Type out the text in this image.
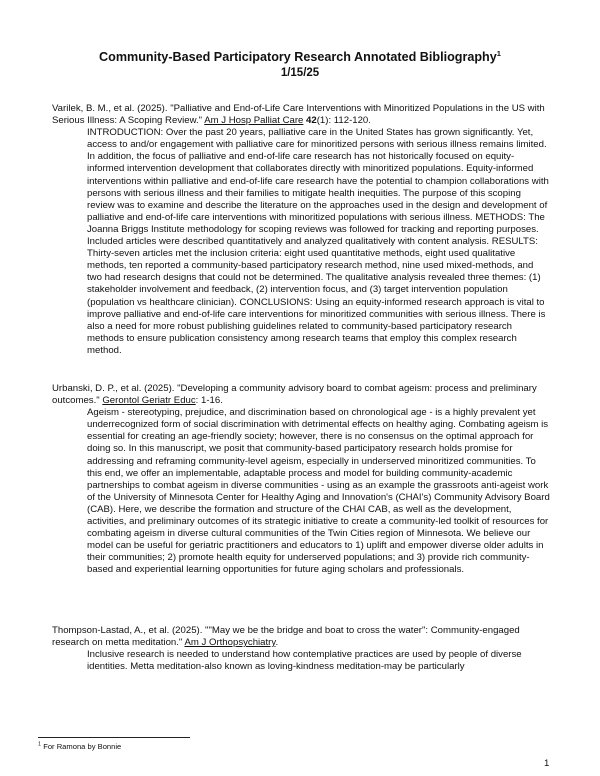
Community-Based Participatory Research Annotated Bibliography$^1$
1/15/25
Varilek, B. M., et al. (2025). "Palliative and End-of-Life Care Interventions with Minoritized Populations in the US with Serious Illness: A Scoping Review." Am J Hosp Palliat Care 42(1): 112-120.
INTRODUCTION: Over the past 20 years, palliative care in the United States has grown significantly. Yet, access to and/or engagement with palliative care for minoritized persons with serious illness remains limited. In addition, the focus of palliative and end-of-life care research has not historically focused on equity-informed intervention development that collaborates directly with minoritized populations. Equity-informed interventions within palliative and end-of-life care research have the potential to champion collaborations with persons with serious illness and their families to mitigate health inequities. The purpose of this scoping review was to examine and describe the literature on the approaches used in the design and development of palliative and end-of-life care interventions with minoritized populations with serious illness. METHODS: The Joanna Briggs Institute methodology for scoping reviews was followed for tracking and reporting purposes. Included articles were described quantitatively and analyzed qualitatively with content analysis. RESULTS: Thirty-seven articles met the inclusion criteria: eight used quantitative methods, eight used qualitative methods, ten reported a community-based participatory research method, nine used mixed-methods, and two had research designs that could not be determined. The qualitative analysis revealed three themes: (1) stakeholder involvement and feedback, (2) intervention focus, and (3) target intervention population (population vs healthcare clinician). CONCLUSIONS: Using an equity-informed research approach is vital to improve palliative and end-of-life care interventions for minoritized communities with serious illness. There is also a need for more robust publishing guidelines related to community-based participatory research methods to ensure publication consistency among research teams that employ this complex research method.
Urbanski, D. P., et al. (2025). "Developing a community advisory board to combat ageism: process and preliminary outcomes." Gerontol Geriatr Educ: 1-16.
Ageism - stereotyping, prejudice, and discrimination based on chronological age - is a highly prevalent yet underrecognized form of social discrimination with detrimental effects on healthy aging. Combating ageism is essential for creating an age-friendly society; however, there is no consensus on the optimal approach for doing so. In this manuscript, we posit that community-based participatory research holds promise for addressing and reframing community-level ageism, especially in underserved minoritized communities. To this end, we offer an implementable, adaptable process and model for building community-academic partnerships to combat ageism in diverse communities - using as an example the grassroots anti-ageist work of the University of Minnesota Center for Healthy Aging and Innovation's (CHAI's) Community Advisory Board (CAB). Here, we describe the formation and structure of the CHAI CAB, as well as the development, activities, and preliminary outcomes of its strategic initiative to create a community-led toolkit of resources for combating ageism in diverse cultural communities of the Twin Cities region of Minnesota. We believe our model can be useful for geriatric practitioners and educators to 1) uplift and empower diverse older adults in their communities; 2) promote health equity for underserved populations; and 3) provide rich community-based and experiential learning opportunities for future aging scholars and professionals.
Thompson-Lastad, A., et al. (2025). ""May we be the bridge and boat to cross the water": Community-engaged research on metta meditation." Am J Orthopsychiatry.
Inclusive research is needed to understand how contemplative practices are used by people of diverse identities. Metta meditation-also known as loving-kindness meditation-may be particularly
$^1$ For Ramona by Bonnie
1
